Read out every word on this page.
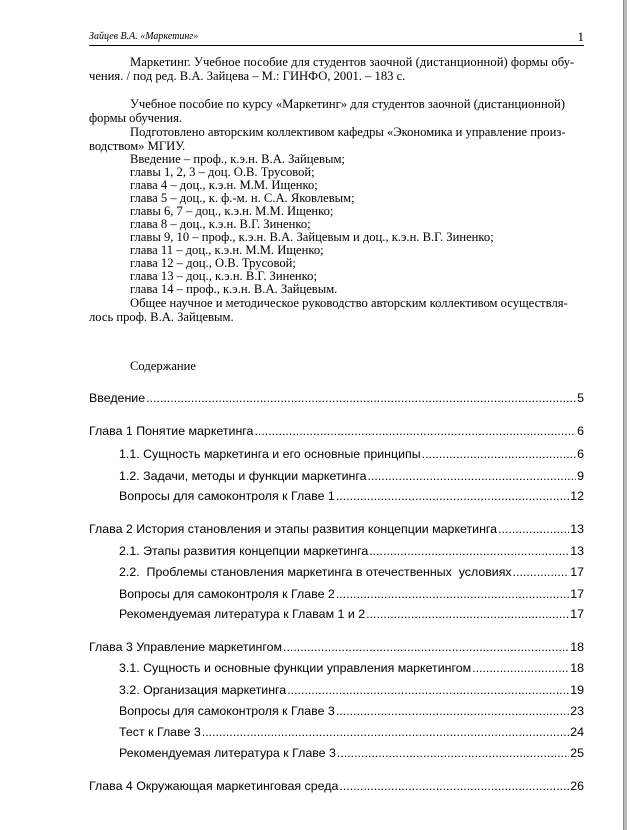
Зайцев В.А. «Маркетинг»	1
Маркетинг. Учебное пособие для студентов заочной (дистанционной) формы обу-
чения. / под ред. В.А. Зайцева – М.: ГИНФО, 2001. – 183 с.
Учебное пособие по курсу «Маркетинг» для студентов заочной (дистанционной)
формы обучения.
Подготовлено авторским коллективом кафедры «Экономика и управление произ-
водством» МГИУ.
Введение – проф., к.э.н. В.А. Зайцевым;
главы 1, 2, 3 – доц. О.В. Трусовой;
глава 4 – доц., к.э.н. М.М. Ищенко;
глава 5 – доц., к. ф.-м. н. С.А. Яковлевым;
главы 6, 7 – доц., к.э.н. М.М. Ищенко;
глава 8 – доц., к.э.н. В.Г. Зиненко;
главы 9, 10 – проф., к.э.н. В.А. Зайцевым и доц., к.э.н. В.Г. Зиненко;
глава 11 – доц., к.э.н. М.М. Ищенко;
глава 12 – доц., О.В. Трусовой;
глава 13 – доц., к.э.н. В.Г. Зиненко;
глава 14 – проф., к.э.н. В.А. Зайцевым.
Общее научное и методическое руководство авторским коллективом осуществля-
лось проф. В.А. Зайцевым.
Содержание
Введение .....	5
Глава 1 Понятие маркетинга .....	6
1.1. Сущность маркетинга и его основные принципы .....	6
1.2. Задачи, методы и функции маркетинга .....	9
Вопросы для самоконтроля к Главе 1 .....	12
Глава 2 История становления и этапы развития концепции маркетинга .....	13
2.1. Этапы развития концепции маркетинга .....	13
2.2.  Проблемы становления маркетинга в отечественных  условиях .....	17
Вопросы для самоконтроля к Главе 2 .....	17
Рекомендуемая литература к Главам 1 и 2 .....	17
Глава 3 Управление маркетингом .....	18
3.1. Сущность и основные функции управления маркетингом .....	18
3.2. Организация маркетинга .....	19
Вопросы для самоконтроля к Главе 3 .....	23
Тест к Главе 3 .....	24
Рекомендуемая литература к Главе 3 .....	25
Глава 4 Окружающая маркетинговая среда .....	26
